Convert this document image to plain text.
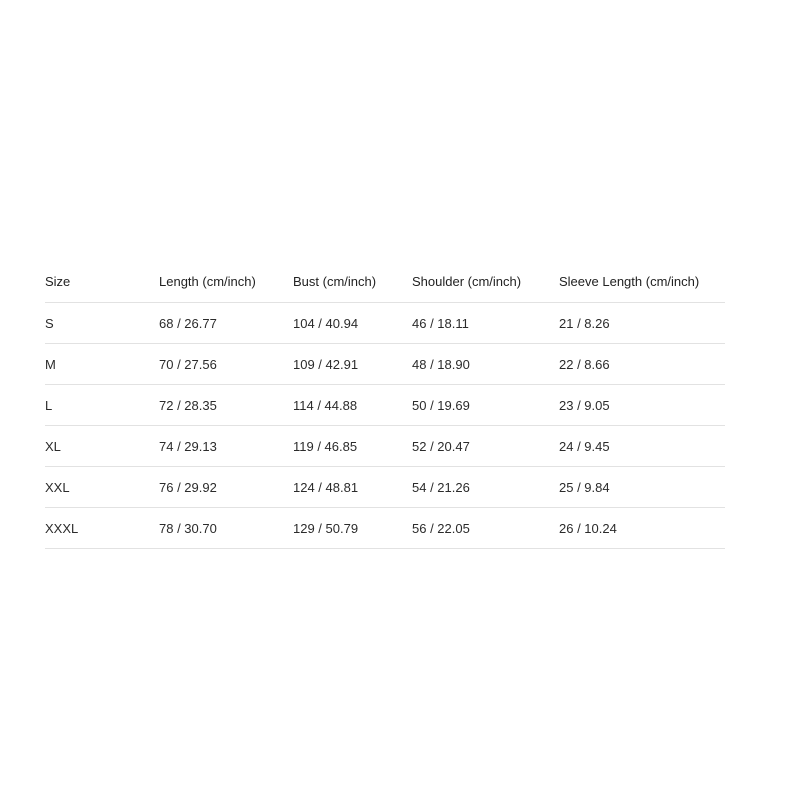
Size	Length (cm/inch)	Bust (cm/inch)	Shoulder (cm/inch)	Sleeve Length (cm/inch)
S	68 / 26.77	104 / 40.94	46 / 18.11	21 / 8.26
M	70 / 27.56	109 / 42.91	48 / 18.90	22 / 8.66
L	72 / 28.35	114 / 44.88	50 / 19.69	23 / 9.05
XL	74 / 29.13	119 / 46.85	52 / 20.47	24 / 9.45
XXL	76 / 29.92	124 / 48.81	54 / 21.26	25 / 9.84
XXXL	78 / 30.70	129 / 50.79	56 / 22.05	26 / 10.24
